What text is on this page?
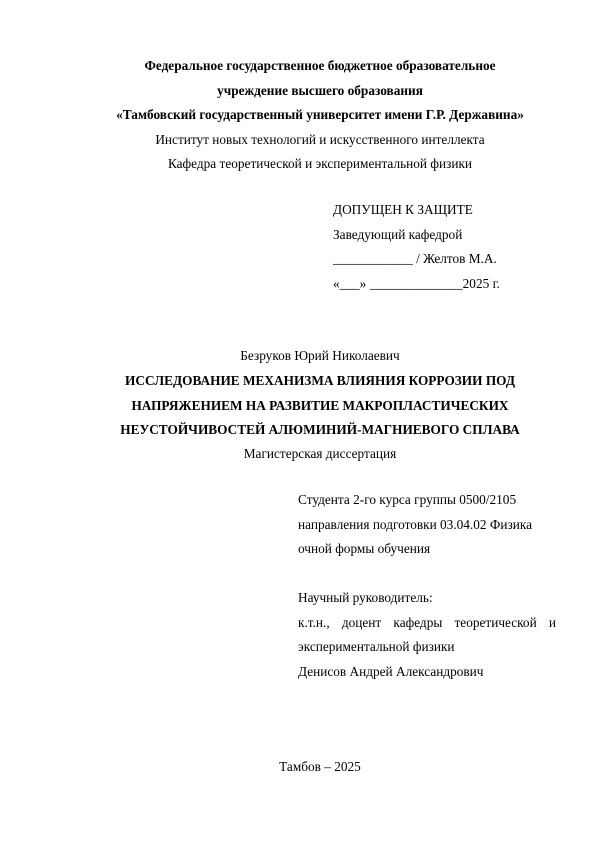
Федеральное государственное бюджетное образовательное
учреждение высшего образования
«Тамбовский государственный университет имени Г.Р. Державина»
Институт новых технологий и искусственного интеллекта
Кафедра теоретической и экспериментальной физики
ДОПУЩЕН К ЗАЩИТЕ
Заведующий кафедрой
____________ / Желтов М.А.
«___» ______________2025 г.
Безруков Юрий Николаевич
ИССЛЕДОВАНИЕ МЕХАНИЗМА ВЛИЯНИЯ КОРРОЗИИ ПОД
НАПРЯЖЕНИЕМ НА РАЗВИТИЕ МАКРОПЛАСТИЧЕСКИХ
НЕУСТОЙЧИВОСТЕЙ АЛЮМИНИЙ-МАГНИЕВОГО СПЛАВА
Магистерская диссертация
Студента 2-го курса группы 0500/2105
направления подготовки 03.04.02 Физика
очной формы обучения
Научный руководитель:
к.т.н., доцент кафедры теоретической и
экспериментальной физики
Денисов Андрей Александрович
Тамбов – 2025
